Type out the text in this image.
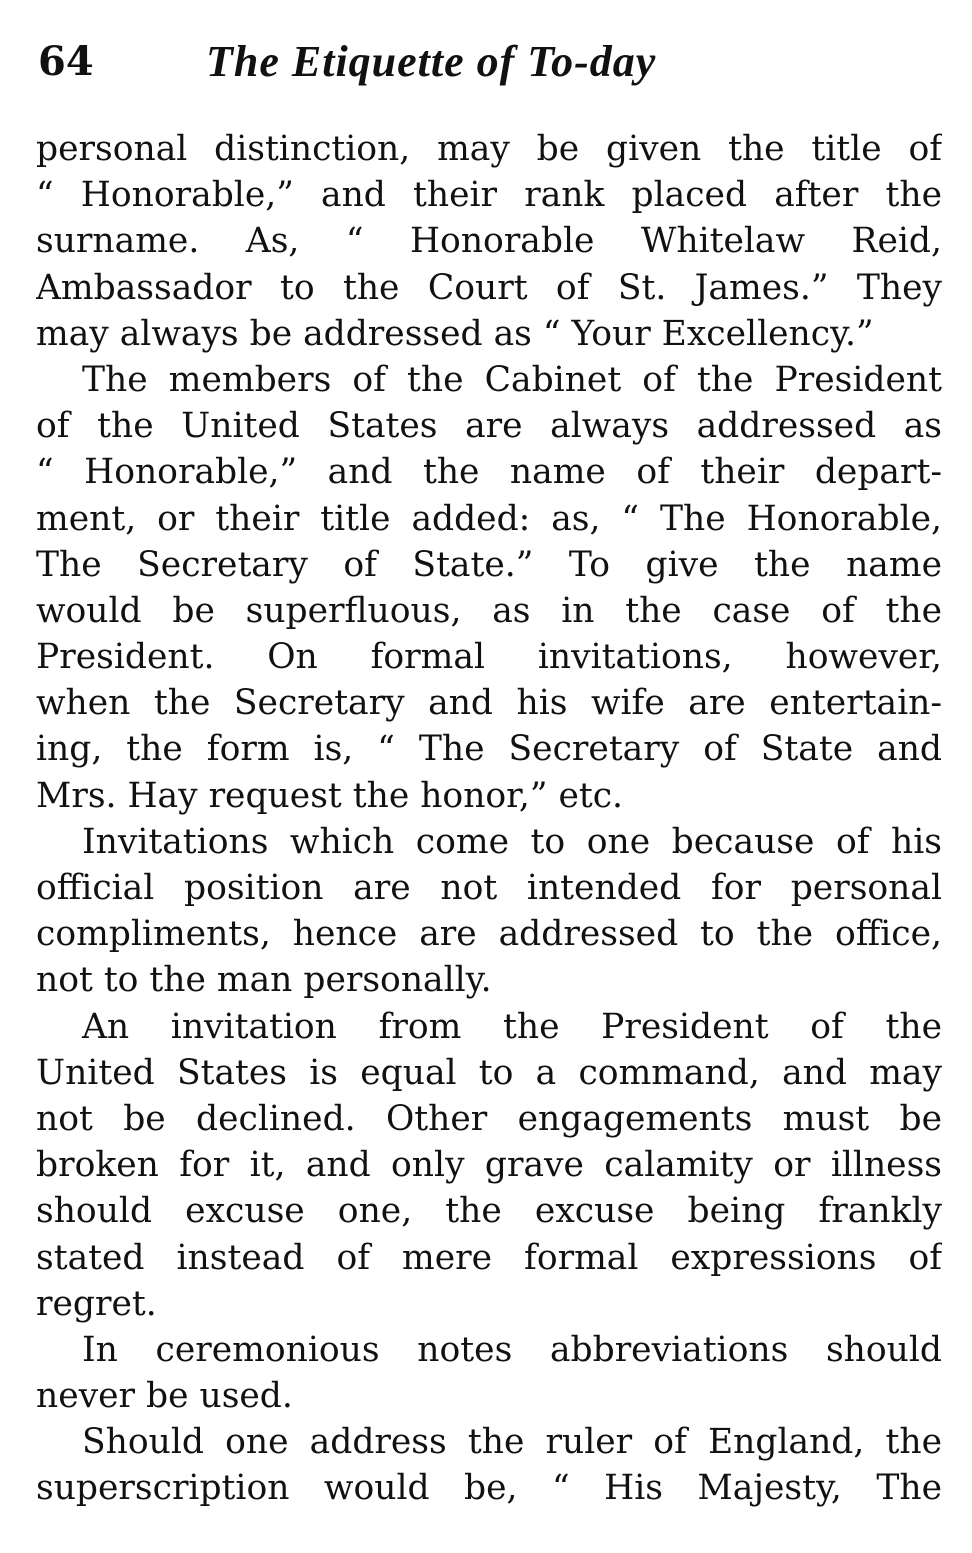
64	The Etiquette of To-day
personal distinction, may be given the title of
“ Honorable,” and their rank placed after the
surname. As, “ Honorable Whitelaw Reid,
Ambassador to the Court of St. James.” They
may always be addressed as “ Your Excellency.”
The members of the Cabinet of the President
of the United States are always addressed as
“ Honorable,” and the name of their depart-
ment, or their title added: as, “ The Honorable,
The Secretary of State.” To give the name
would be superfluous, as in the case of the
President. On formal invitations, however,
when the Secretary and his wife are entertain-
ing, the form is, “ The Secretary of State and
Mrs. Hay request the honor,” etc.
Invitations which come to one because of his
official position are not intended for personal
compliments, hence are addressed to the office,
not to the man personally.
An invitation from the President of the
United States is equal to a command, and may
not be declined. Other engagements must be
broken for it, and only grave calamity or illness
should excuse one, the excuse being frankly
stated instead of mere formal expressions of
regret.
In ceremonious notes abbreviations should
never be used.
Should one address the ruler of England, the
superscription would be, “ His Majesty, The
